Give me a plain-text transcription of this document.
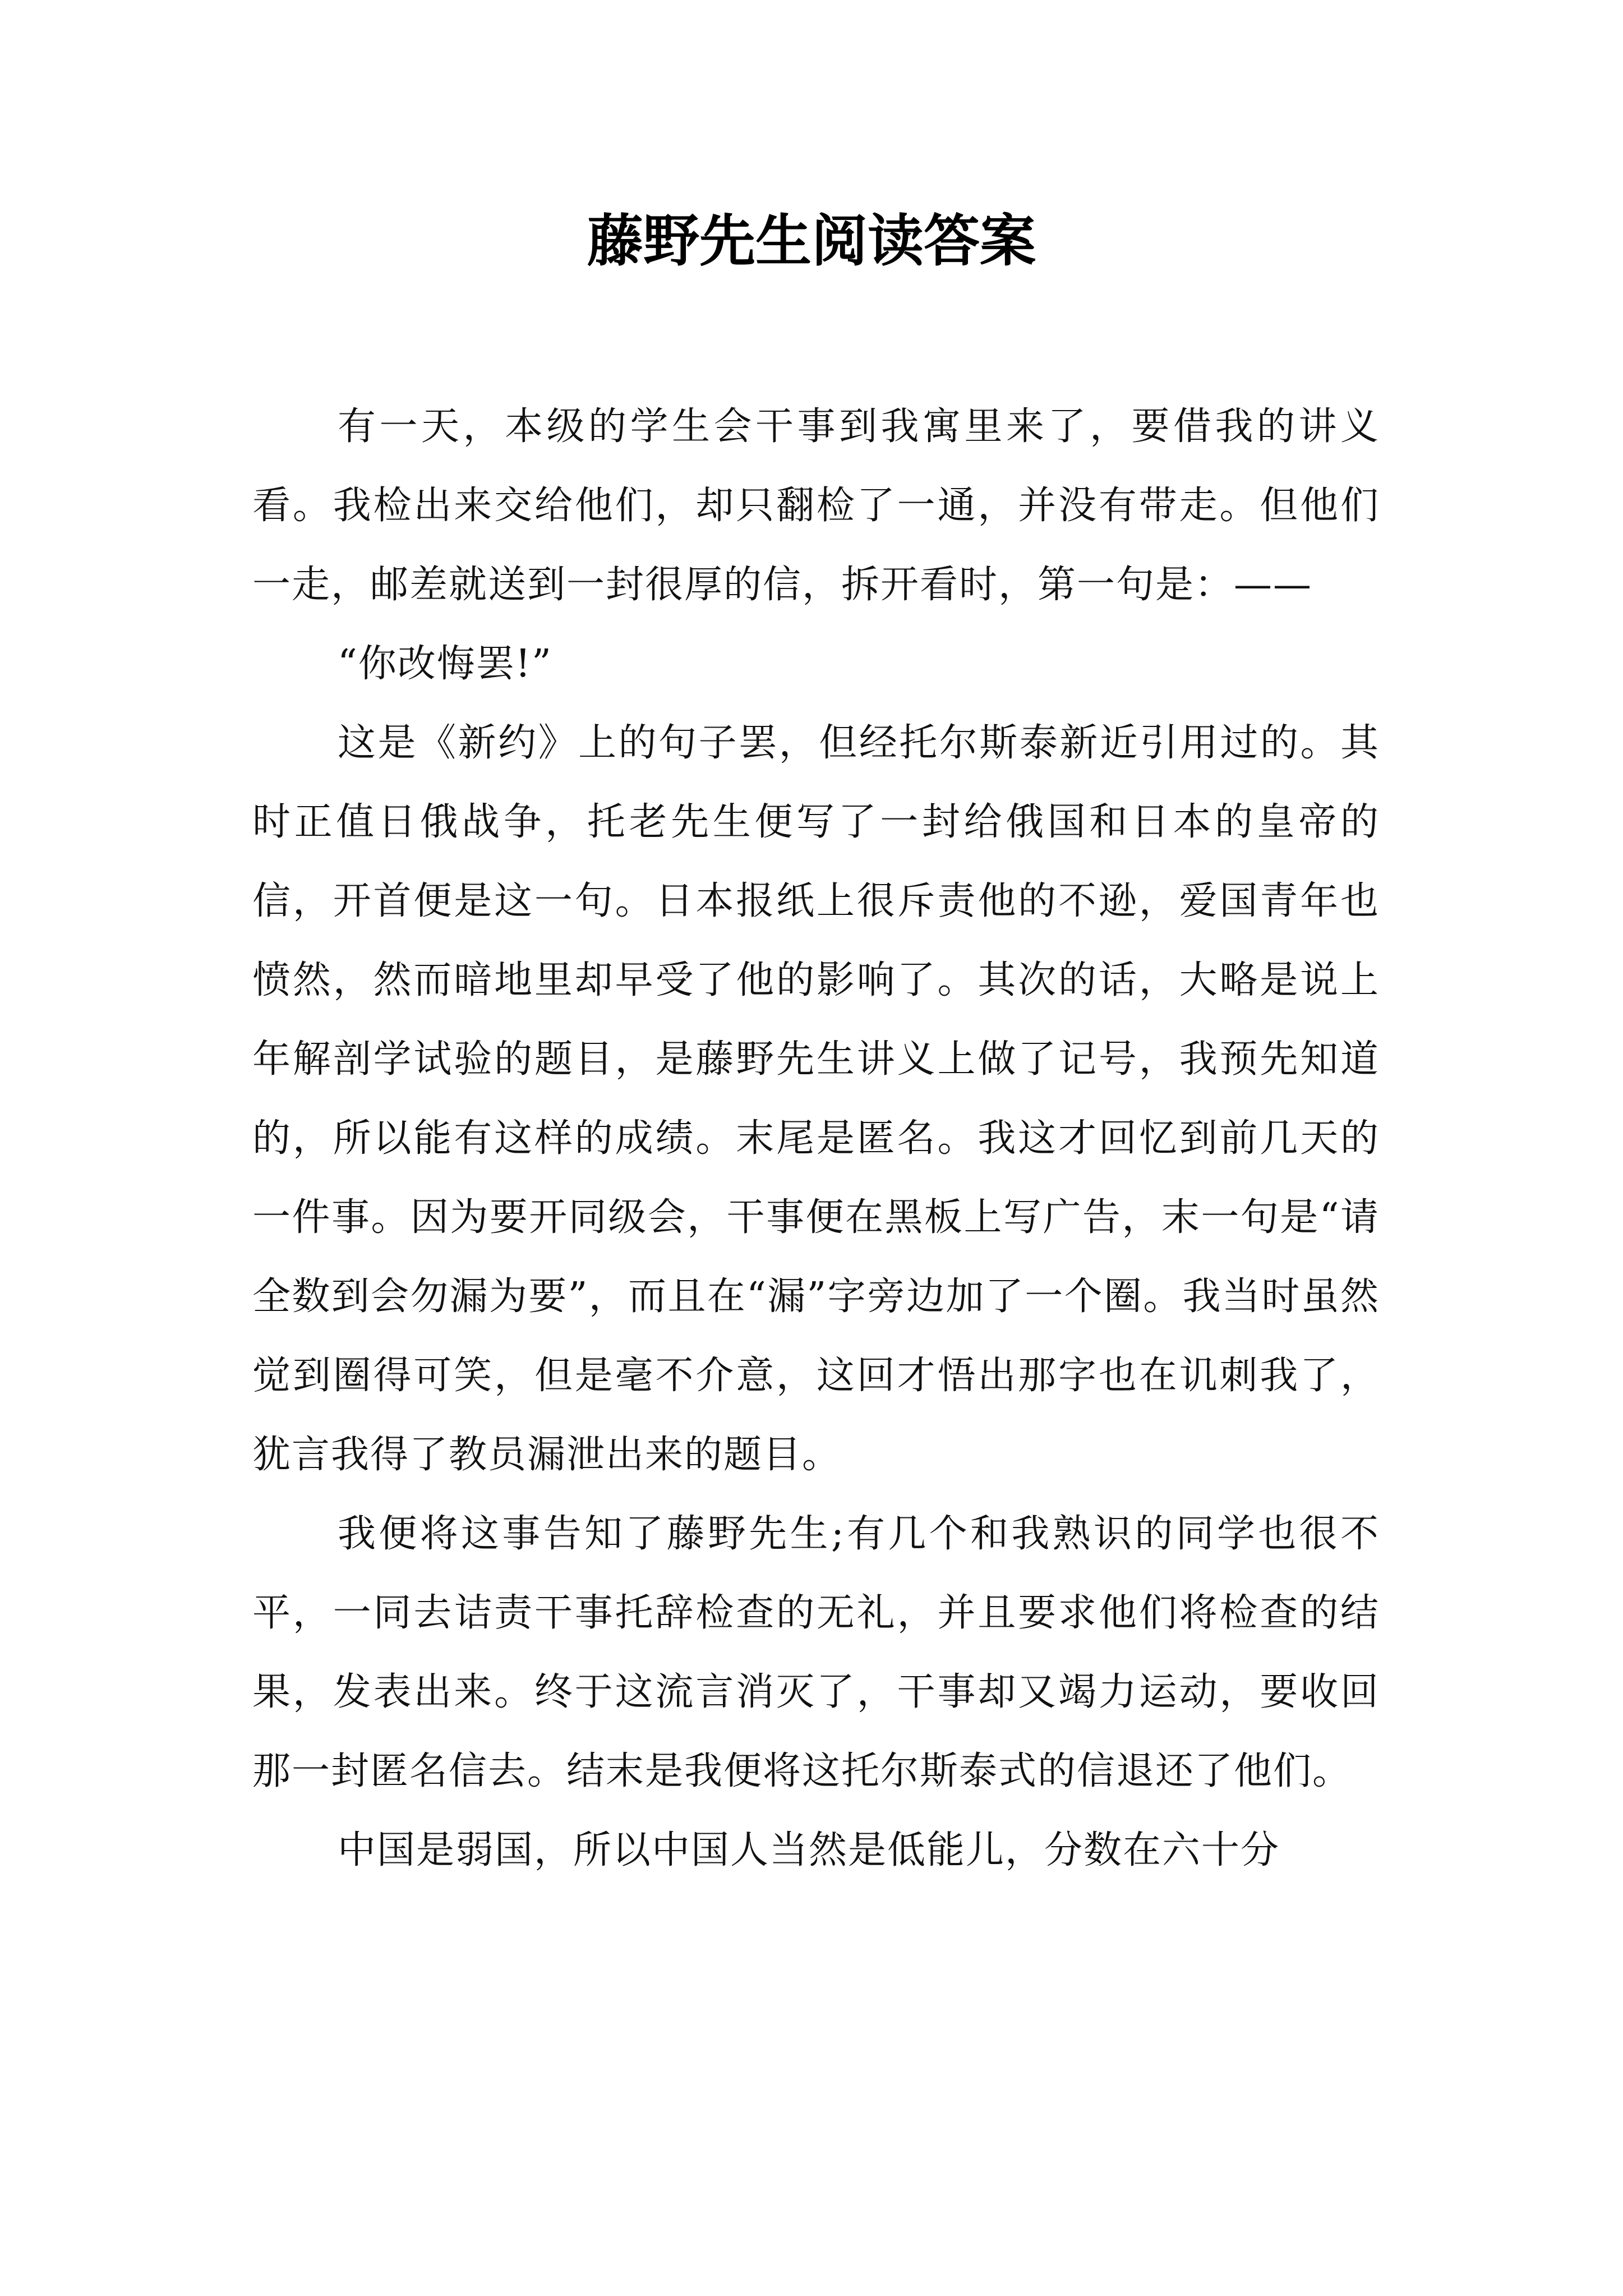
藤野先生阅读答案

有一天，本级的学生会干事到我寓里来了，要借我的讲义看。我检出来交给他们，却只翻检了一通，并没有带走。但他们一走，邮差就送到一封很厚的信，拆开看时，第一句是：——

“你改悔罢!”

这是《新约》上的句子罢，但经托尔斯泰新近引用过的。其时正值日俄战争，托老先生便写了一封给俄国和日本的皇帝的信，开首便是这一句。日本报纸上很斥责他的不逊，爱国青年也愤然，然而暗地里却早受了他的影响了。其次的话，大略是说上年解剖学试验的题目，是藤野先生讲义上做了记号，我预先知道的，所以能有这样的成绩。末尾是匿名。我这才回忆到前几天的一件事。因为要开同级会，干事便在黑板上写广告，末一句是“请全数到会勿漏为要”，而且在“漏”字旁边加了一个圈。我当时虽然觉到圈得可笑，但是毫不介意，这回才悟出那字也在讥刺我了，犹言我得了教员漏泄出来的题目。

我便将这事告知了藤野先生;有几个和我熟识的同学也很不平，一同去诘责干事托辞检查的无礼，并且要求他们将检查的结果，发表出来。终于这流言消灭了，干事却又竭力运动，要收回那一封匿名信去。结末是我便将这托尔斯泰式的信退还了他们。

中国是弱国，所以中国人当然是低能儿，分数在六十分
